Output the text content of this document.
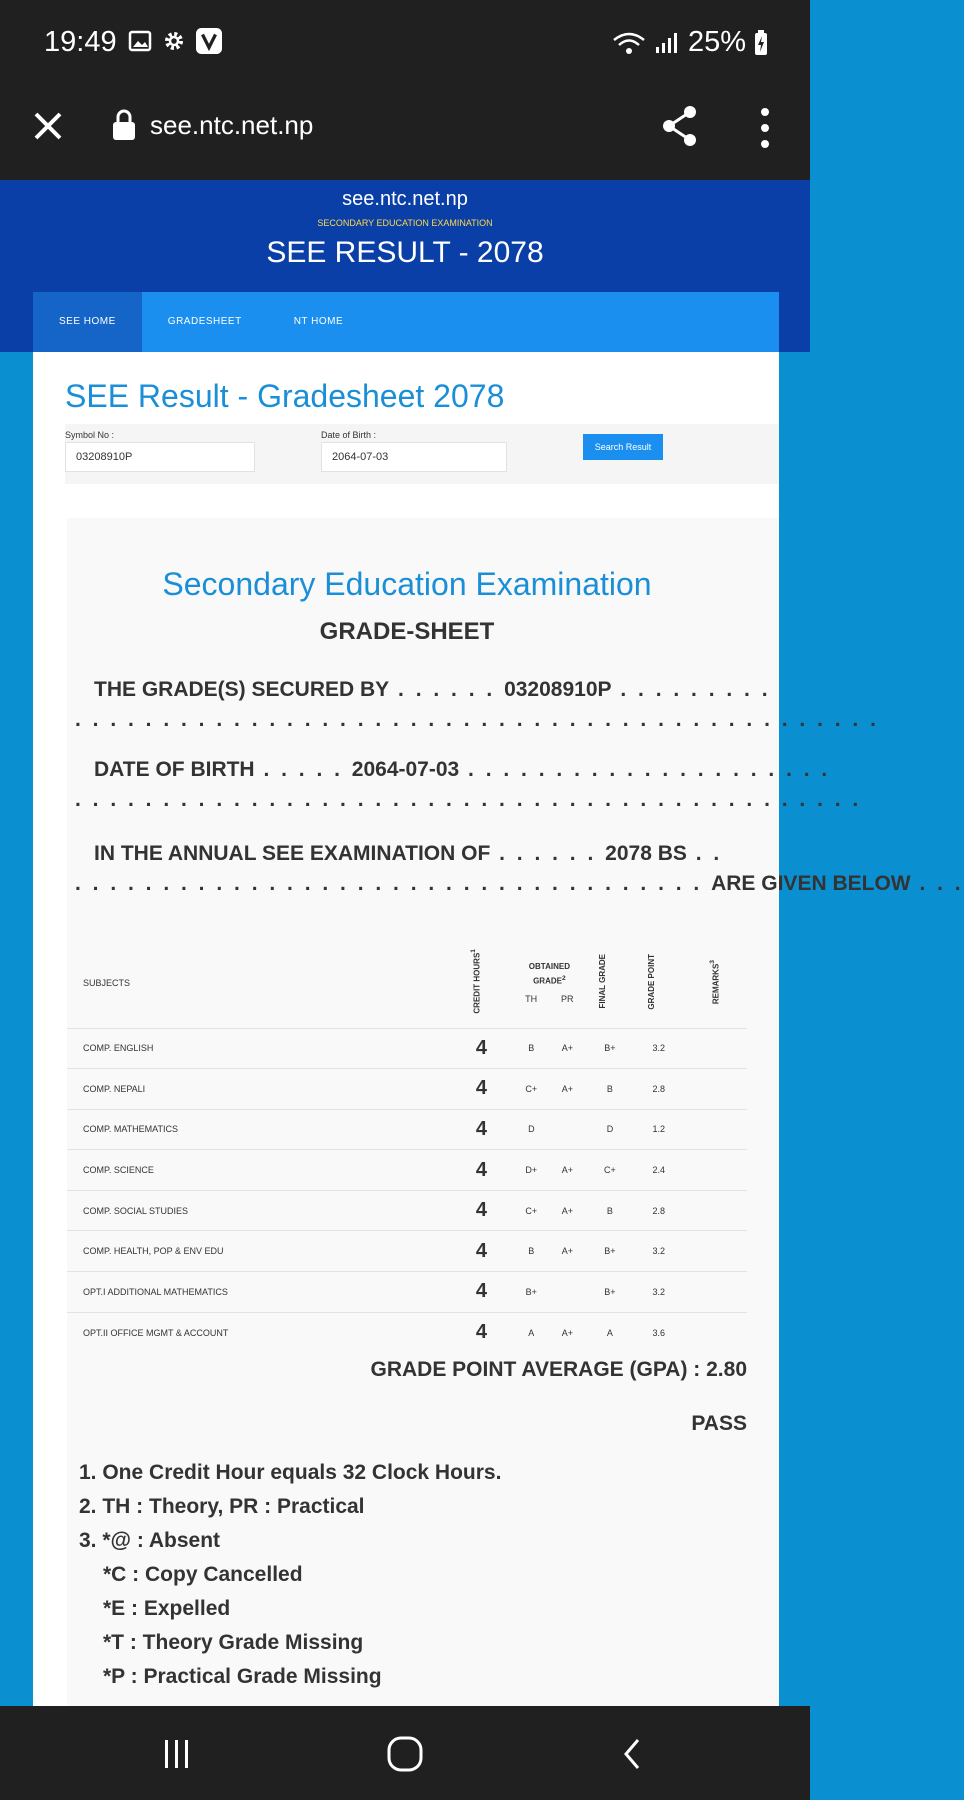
19:49	25%
see.ntc.net.np
see.ntc.net.np
SECONDARY EDUCATION EXAMINATION
SEE RESULT - 2078
SEE HOME	GRADESHEET	NT HOME
SEE Result - Gradesheet 2078
Symbol No :
03208910P
Date of Birth :
2064-07-03
Search Result
Secondary Education Examination
GRADE-SHEET
THE GRADE(S) SECURED BY . . . . . . 03208910P . . . . . . . . .
. . . . . . . . . . . . . . . . . . . . . . . . . . . . . . . . . . . . . . . . . . . . . .
DATE OF BIRTH . . . . . 2064-07-03 . . . . . . . . . . . . . . . . . . . . .
. . . . . . . . . . . . . . . . . . . . . . . . . . . . . . . . . . . . . . . . . . . . .
IN THE ANNUAL SEE EXAMINATION OF . . . . . . 2078 BS . .
. . . . . . . . . . . . . . . . . . . . . . . . . . . . . . . . . . . . ARE GIVEN BELOW . . .
SUBJECTS	CREDIT HOURS$^1$	OBTAINED GRADE$^2$
TH PR		FINAL GRADE	GRADE POINT	REMARKS$^3$
COMP. ENGLISH	4	B	A+	B+	3.2	
COMP. NEPALI	4	C+	A+	B	2.8	
COMP. MATHEMATICS	4	D		D	1.2	
COMP. SCIENCE	4	D+	A+	C+	2.4	
COMP. SOCIAL STUDIES	4	C+	A+	B	2.8	
COMP. HEALTH, POP & ENV EDU	4	B	A+	B+	3.2	
OPT.I ADDITIONAL MATHEMATICS	4	B+		B+	3.2	
OPT.II OFFICE MGMT & ACCOUNT	4	A	A+	A	3.6	
GRADE POINT AVERAGE (GPA) : 2.80
PASS
1. One Credit Hour equals 32 Clock Hours.
2. TH : Theory, PR : Practical
3. *@ : Absent
*C : Copy Cancelled
*E : Expelled
*T : Theory Grade Missing
*P : Practical Grade Missing
